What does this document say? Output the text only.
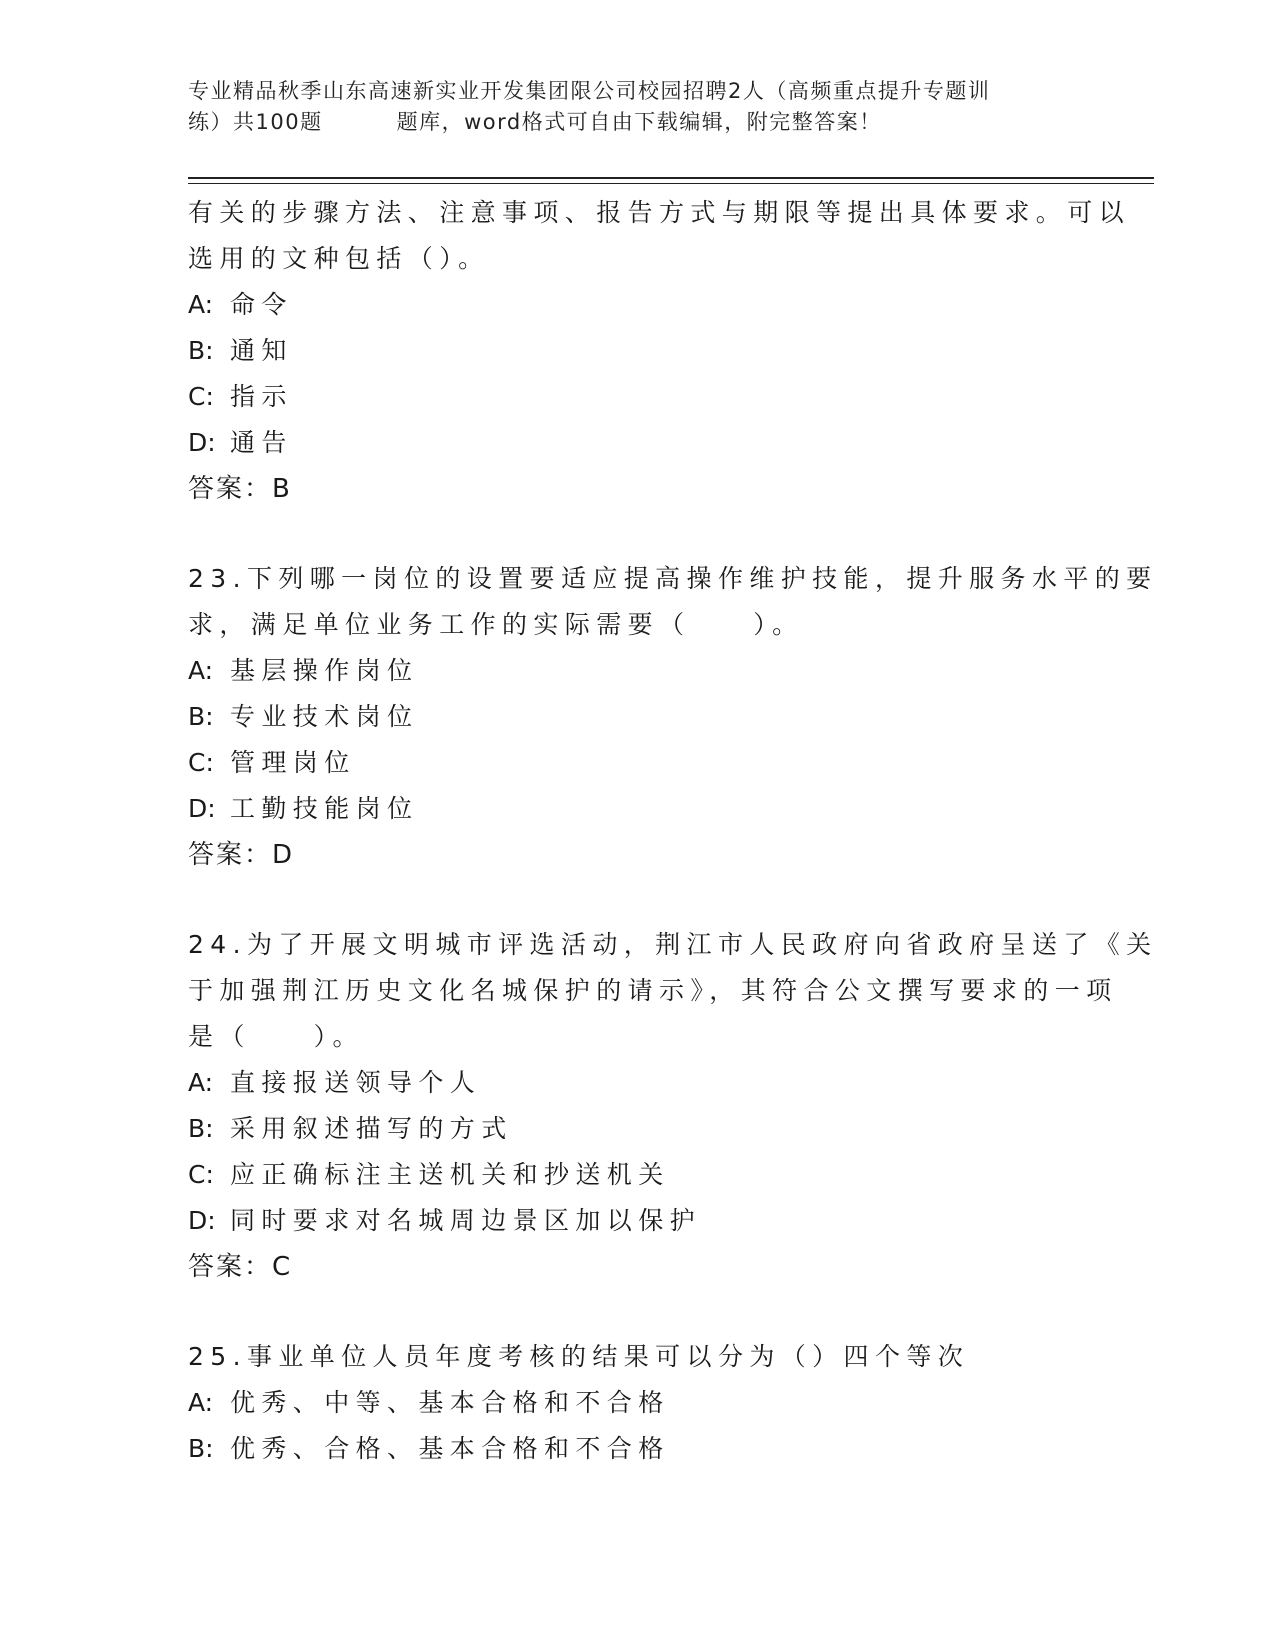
专业精品秋季山东高速新实业开发集团限公司校园招聘2人（高频重点提升专题训
练）共100题	题库，word格式可自由下载编辑，附完整答案！
有关的步骤方法、注意事项、报告方式与期限等提出具体要求。可以
选用的文种包括（）。
A: 命令
B: 通知
C: 指示
D: 通告
答案：B
23.下列哪一岗位的设置要适应提高操作维护技能，提升服务水平的要
求，满足单位业务工作的实际需要（　　）。
A: 基层操作岗位
B: 专业技术岗位
C: 管理岗位
D: 工勤技能岗位
答案：D
24.为了开展文明城市评选活动，荆江市人民政府向省政府呈送了《关
于加强荆江历史文化名城保护的请示》，其符合公文撰写要求的一项
是（　　）。
A: 直接报送领导个人
B: 采用叙述描写的方式
C: 应正确标注主送机关和抄送机关
D: 同时要求对名城周边景区加以保护
答案：C
25.事业单位人员年度考核的结果可以分为（）四个等次
A: 优秀、中等、基本合格和不合格
B: 优秀、合格、基本合格和不合格
